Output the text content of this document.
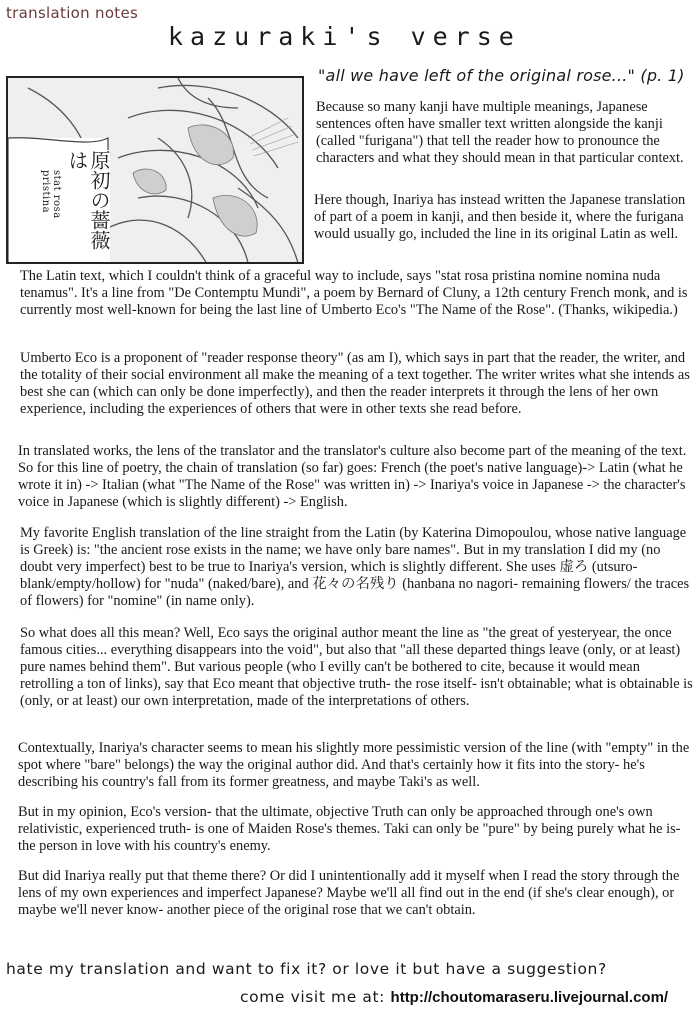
translation notes
kazuraki's verse
"all we have left of the original rose..." (p. 1)
原初の薔薇は
stat rosa pristina

Because so many kanji have multiple meanings, Japanese sentences often have smaller text written alongside the kanji (called "furigana") that tell the reader how to pronounce the characters and what they should mean in that particular context.

Here though, Inariya has instead written the Japanese translation of part of a poem in kanji, and then beside it, where the furigana would usually go, included the line in its original Latin as well.

The Latin text, which I couldn't think of a graceful way to include, says "stat rosa pristina nomine nomina nuda tenamus". It's a line from "De Contemptu Mundi", a poem by Bernard of Cluny, a 12th century French monk, and is currently most well-known for being the last line of Umberto Eco's "The Name of the Rose". (Thanks, wikipedia.)

Umberto Eco is a proponent of "reader response theory" (as am I), which says in part that the reader, the writer, and the totality of their social environment all make the meaning of a text together. The writer writes what she intends as best she can (which can only be done imperfectly), and then the reader interprets it through the lens of her own experience, including the experiences of others that were in other texts she read before.

In translated works, the lens of the translator and the translator's culture also become part of the meaning of the text. So for this line of poetry, the chain of translation (so far) goes: French (the poet's native language)-> Latin (what he wrote it in) -> Italian (what "The Name of the Rose" was written in) -> Inariya's voice in Japanese -> the character's voice in Japanese (which is slightly different) -> English.

My favorite English translation of the line straight from the Latin (by Katerina Dimopoulou, whose native language is Greek) is: "the ancient rose exists in the name; we have only bare names". But in my translation I did my (no doubt very imperfect) best to be true to Inariya's version, which is slightly different. She uses 虚ろ (utsuro- blank/empty/hollow) for "nuda" (naked/bare), and 花々の名残り (hanbana no nagori- remaining flowers/ the traces of flowers) for "nomine" (in name only).

So what does all this mean? Well, Eco says the original author meant the line as "the great of yesteryear, the once famous cities... everything disappears into the void", but also that "all these departed things leave (only, or at least) pure names behind them". But various people (who I evilly can't be bothered to cite, because it would mean retrolling a ton of links), say that Eco meant that objective truth- the rose itself- isn't obtainable; what is obtainable is (only, or at least) our own interpretation, made of the interpretations of others.

Contextually, Inariya's character seems to mean his slightly more pessimistic version of the line (with "empty" in the spot where "bare" belongs) the way the original author did. And that's certainly how it fits into the story- he's describing his country's fall from its former greatness, and maybe Taki's as well.

But in my opinion, Eco's version- that the ultimate, objective Truth can only be approached through one's own relativistic, experienced truth- is one of Maiden Rose's themes. Taki can only be "pure" by being purely what he is- the person in love with his country's enemy.

But did Inariya really put that theme there? Or did I unintentionally add it myself when I read the story through the lens of my own experiences and imperfect Japanese? Maybe we'll all find out in the end (if she's clear enough), or maybe we'll never know- another piece of the original rose that we can't obtain.

hate my translation and want to fix it? or love it but have a suggestion?
come visit me at: http://choutomaraseru.livejournal.com/
